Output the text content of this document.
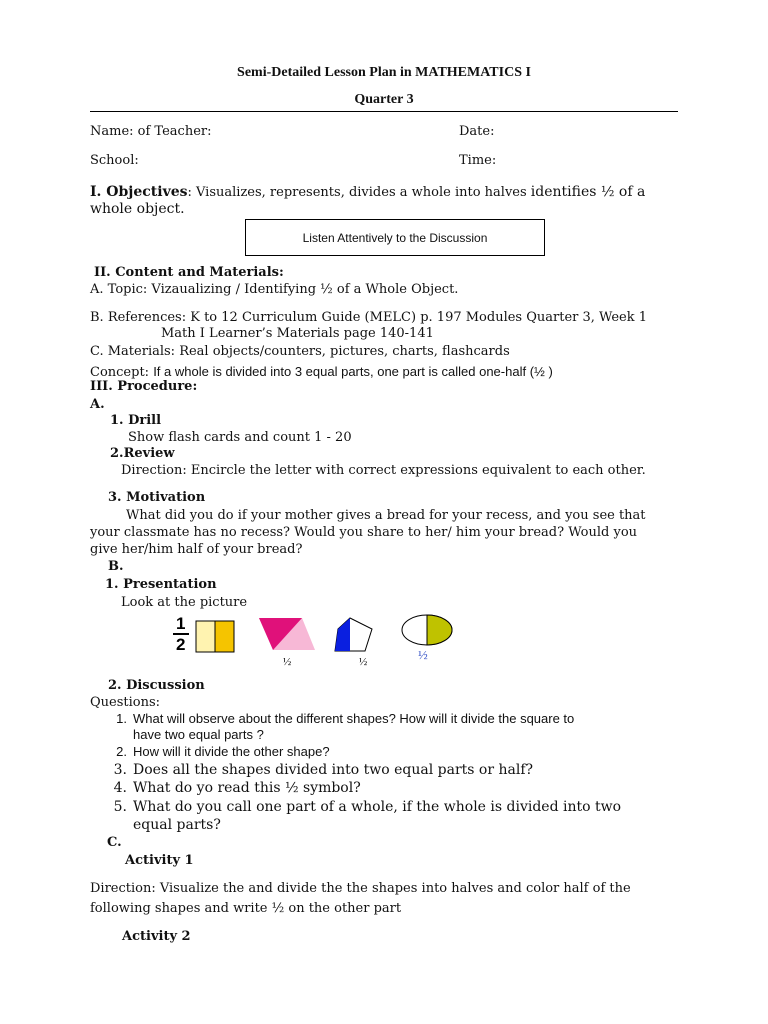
Semi-Detailed Lesson Plan in MATHEMATICS I
Quarter 3
Name: of Teacher:	Date:
School:	Time:
I. Objectives: Visualizes, represents, divides a whole into halves identifies ½ of a
whole object.
Listen Attentively to the Discussion
II. Content and Materials:
A. Topic: Vizaualizing / Identifying ½ of a Whole Object.
B. References: K to 12 Curriculum Guide (MELC) p. 197 Modules Quarter 3, Week 1
Math I Learner’s Materials page 140-141
C. Materials: Real objects/counters, pictures, charts, flashcards
Concept: If a whole is divided into 3 equal parts, one part is called one-half (½ )
III. Procedure:
A.
1. Drill
Show flash cards and count 1 - 20
2.Review
Direction: Encircle the letter with correct expressions equivalent to each other.
3. Motivation
What did you do if your mother gives a bread for your recess, and you see that
your classmate has no recess? Would you share to her/ him your bread? Would you
give her/him half of your bread?
B.
1. Presentation
Look at the picture
1
2
½	½	½
2. Discussion
Questions:
1. What will observe about the different shapes? How will it divide the square to
have two equal parts ?
2. How will it divide the other shape?
3. Does all the shapes divided into two equal parts or half?
4. What do yo read this ½ symbol?
5. What do you call one part of a whole, if the whole is divided into two
equal parts?
C.
Activity 1
Direction: Visualize the and divide the the shapes into halves and color half of the
following shapes and write ½ on the other part
Activity 2
